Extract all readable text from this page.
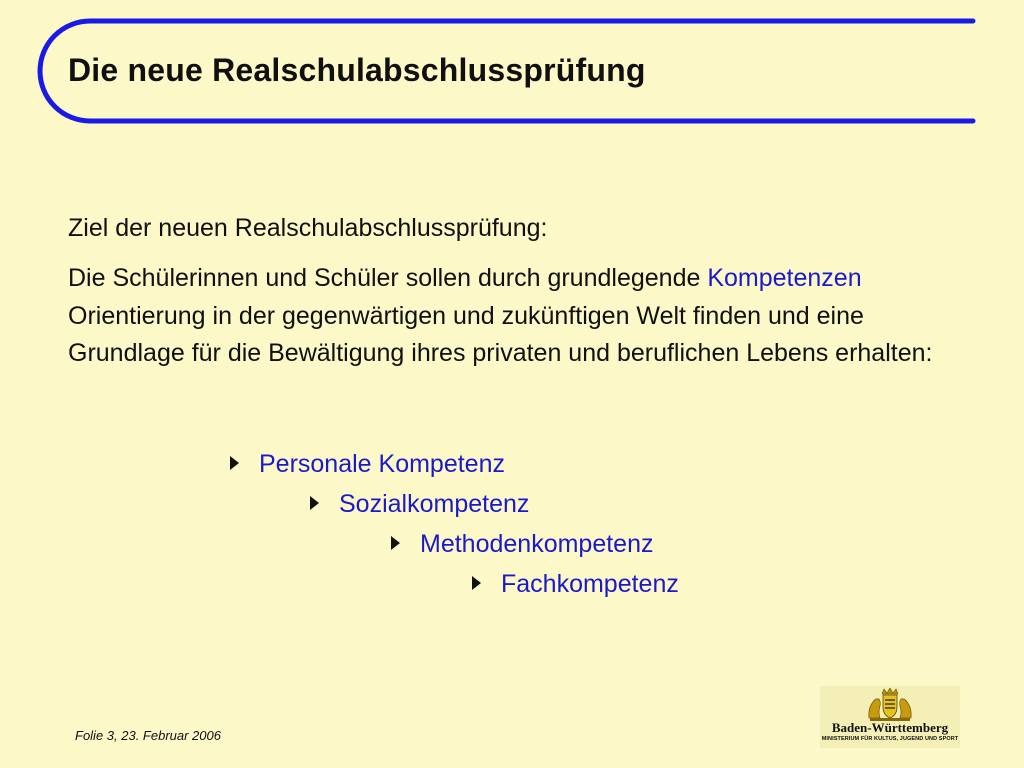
Die neue Realschulabschlussprüfung

Ziel der neuen Realschulabschlussprüfung:

Die Schülerinnen und Schüler sollen durch grundlegende Kompetenzen Orientierung in der gegenwärtigen und zukünftigen Welt finden und eine Grundlage für die Bewältigung ihres privaten und beruflichen Lebens erhalten:

Personale Kompetenz
Sozialkompetenz
Methodenkompetenz
Fachkompetenz

Folie 3, 23. Februar 2006

Baden-Württemberg
MINISTERIUM FÜR KULTUS, JUGEND UND SPORT
